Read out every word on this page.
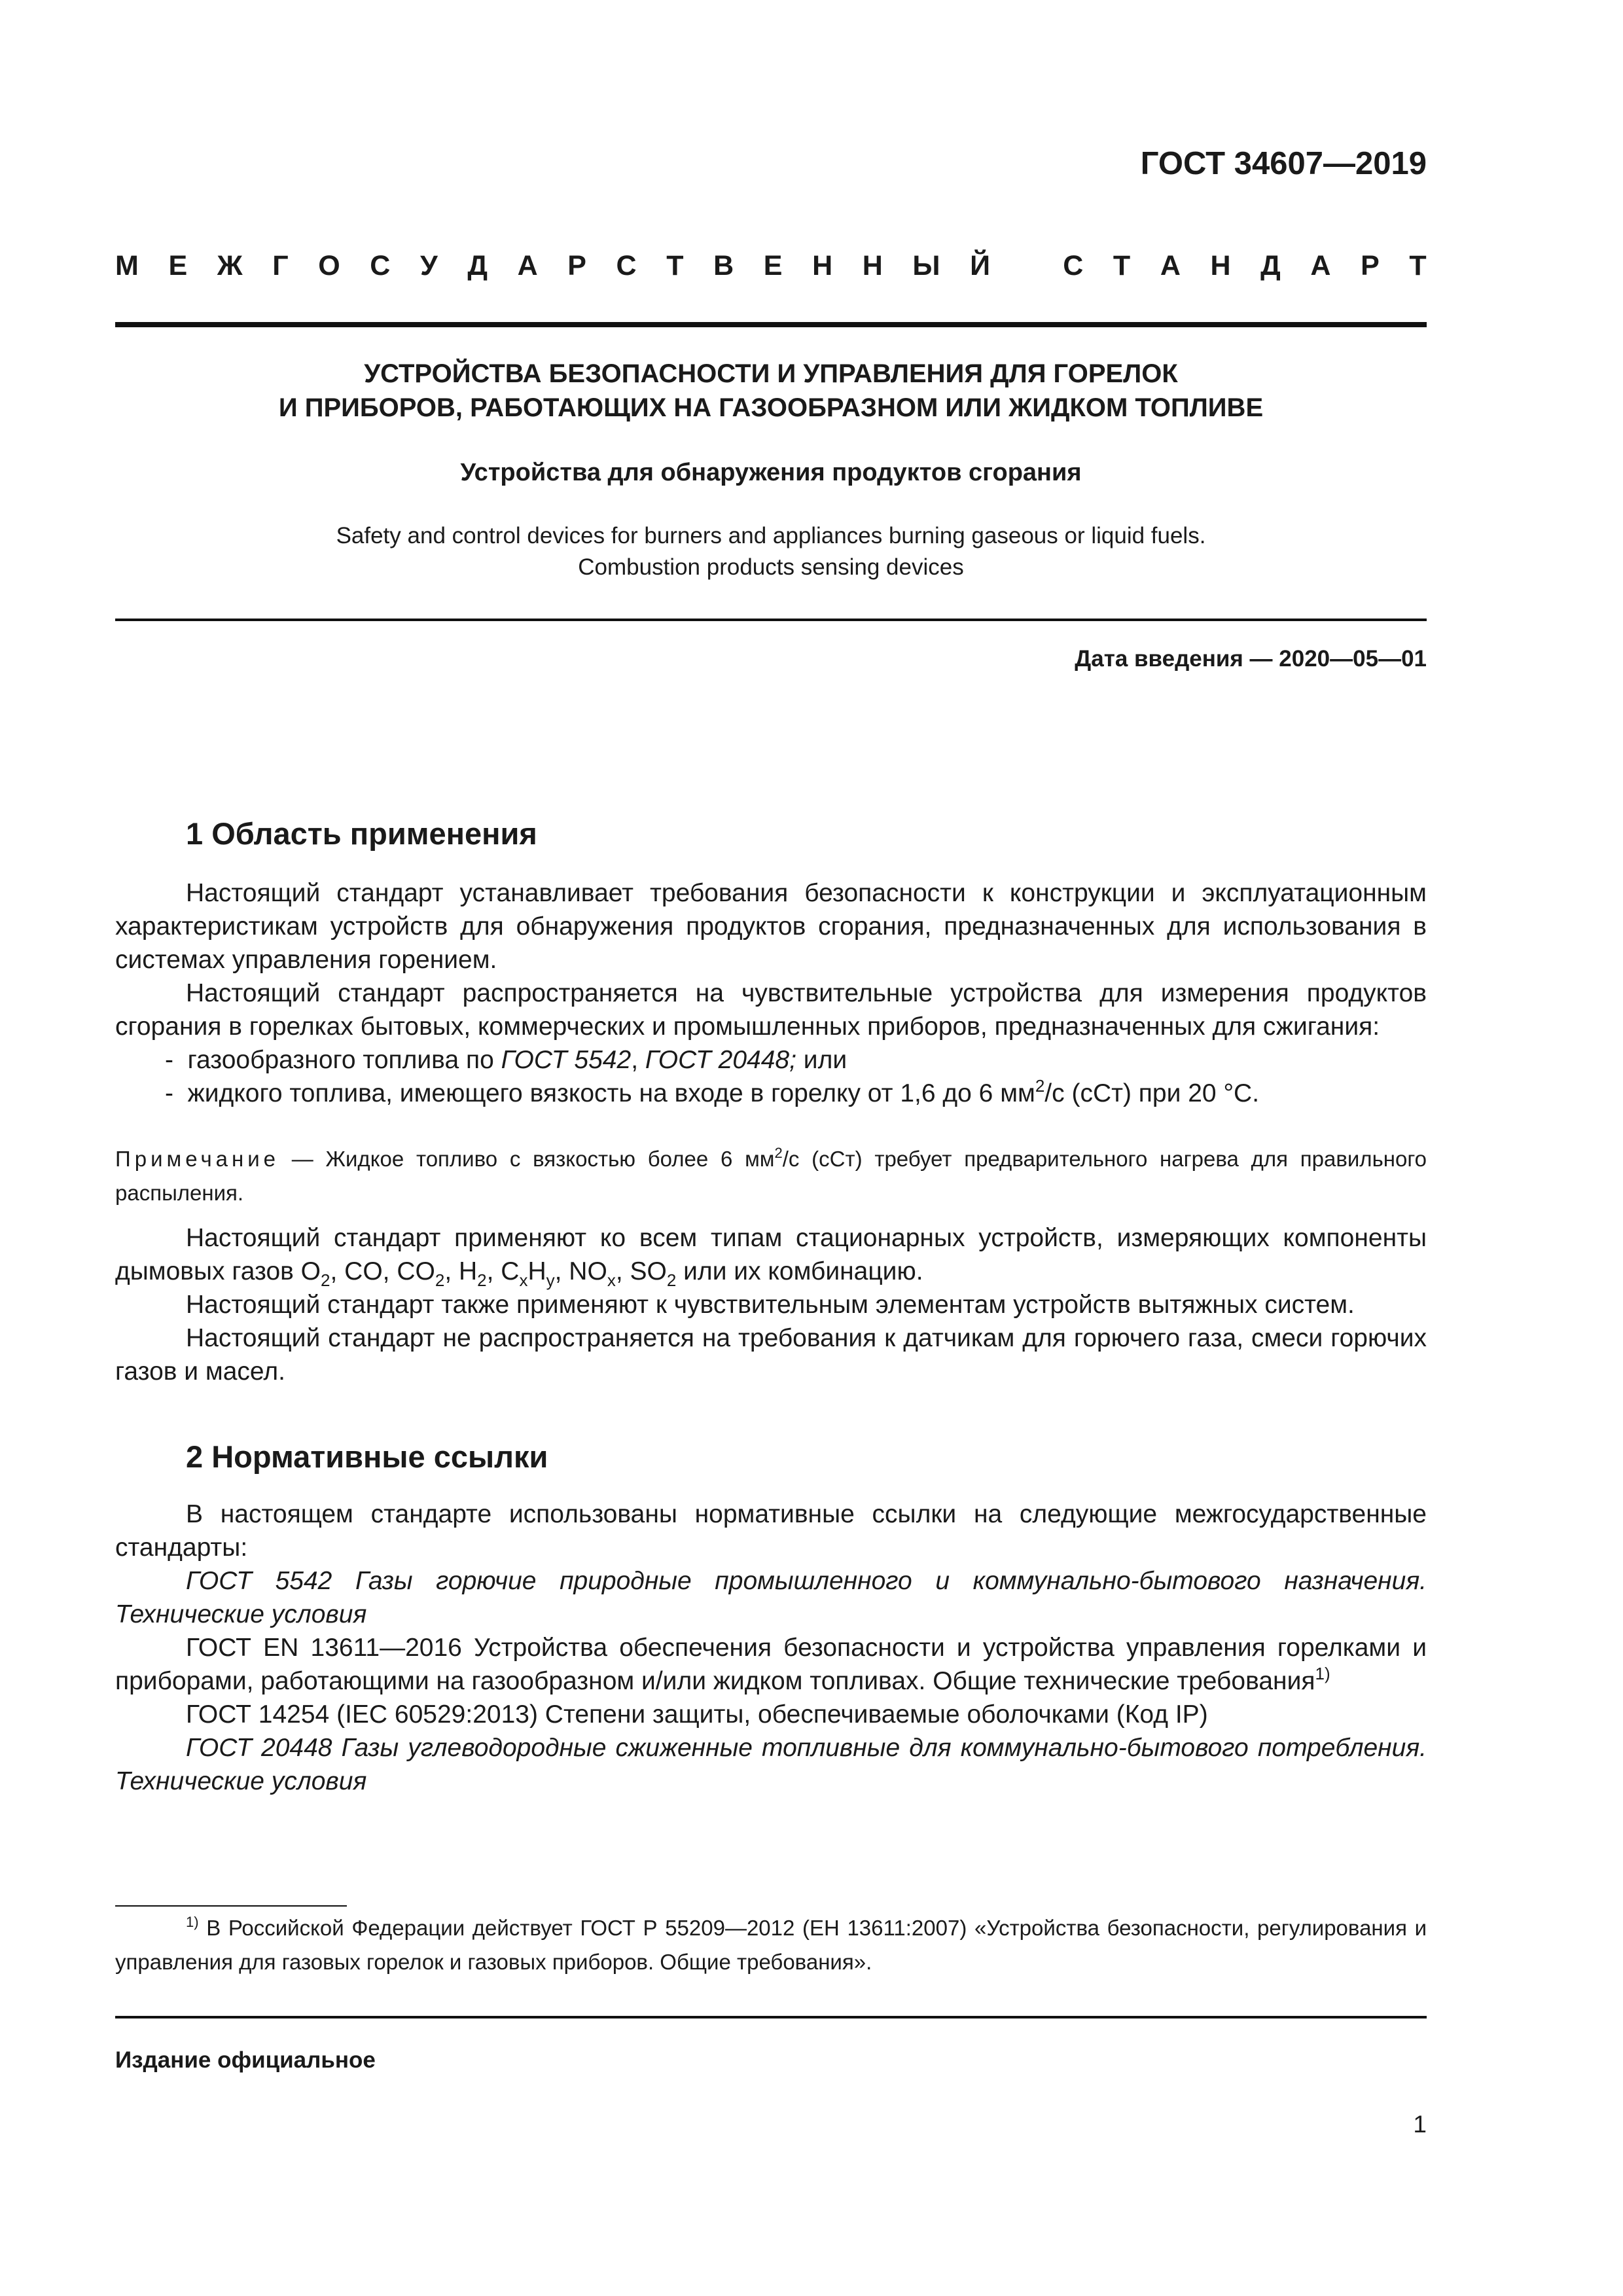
ГОСТ 34607—2019
М Е Ж Г О С У Д А Р С Т В Е Н Н Ы Й	С Т А Н Д А Р Т
УСТРОЙСТВА БЕЗОПАСНОСТИ И УПРАВЛЕНИЯ ДЛЯ ГОРЕЛОК
И ПРИБОРОВ, РАБОТАЮЩИХ НА ГАЗООБРАЗНОМ ИЛИ ЖИДКОМ ТОПЛИВЕ
Устройства для обнаружения продуктов сгорания
Safety and control devices for burners and appliances burning gaseous or liquid fuels.
Combustion products sensing devices
Дата введения — 2020—05—01
1 Область применения

Настоящий стандарт устанавливает требования безопасности к конструкции и эксплуатационным характеристикам устройств для обнаружения продуктов сгорания, предназначенных для использования в системах управления горением.

Настоящий стандарт распространяется на чувствительные устройства для измерения продуктов сгорания в горелках бытовых, коммерческих и промышленных приборов, предназначенных для сжигания:

- газообразного топлива по ГОСТ 5542, ГОСТ 20448; или

- жидкого топлива, имеющего вязкость на входе в горелку от 1,6 до 6 $мм^2/с$ (сСт) при 20 °С.

Примечание — Жидкое топливо с вязкостью более 6 $мм^2/с$ (сСт) требует предварительного нагрева для правильного распыления.

Настоящий стандарт применяют ко всем типам стационарных устройств, измеряющих компоненты дымовых газов $O_2$, CO, $CO_2$, $H_2$, $C_xH_y$, $NO_x$, $SO_2$ или их комбинацию.

Настоящий стандарт также применяют к чувствительным элементам устройств вытяжных систем.

Настоящий стандарт не распространяется на требования к датчикам для горючего газа, смеси горючих газов и масел.

2 Нормативные ссылки

В настоящем стандарте использованы нормативные ссылки на следующие межгосударственные стандарты:

ГОСТ 5542 Газы горючие природные промышленного и коммунально-бытового назначения. Технические условия

ГОСТ EN 13611—2016 Устройства обеспечения безопасности и устройства управления горелками и приборами, работающими на газообразном и/или жидком топливах. Общие технические требования$^{1)}$

ГОСТ 14254 (IEC 60529:2013) Степени защиты, обеспечиваемые оболочками (Код IP)

ГОСТ 20448 Газы углеводородные сжиженные топливные для коммунально-бытового потребления. Технические условия

$^{1)}$ В Российской Федерации действует ГОСТ Р 55209—2012 (ЕН 13611:2007) «Устройства безопасности, регулирования и управления для газовых горелок и газовых приборов. Общие требования».

Издание официальное
1
